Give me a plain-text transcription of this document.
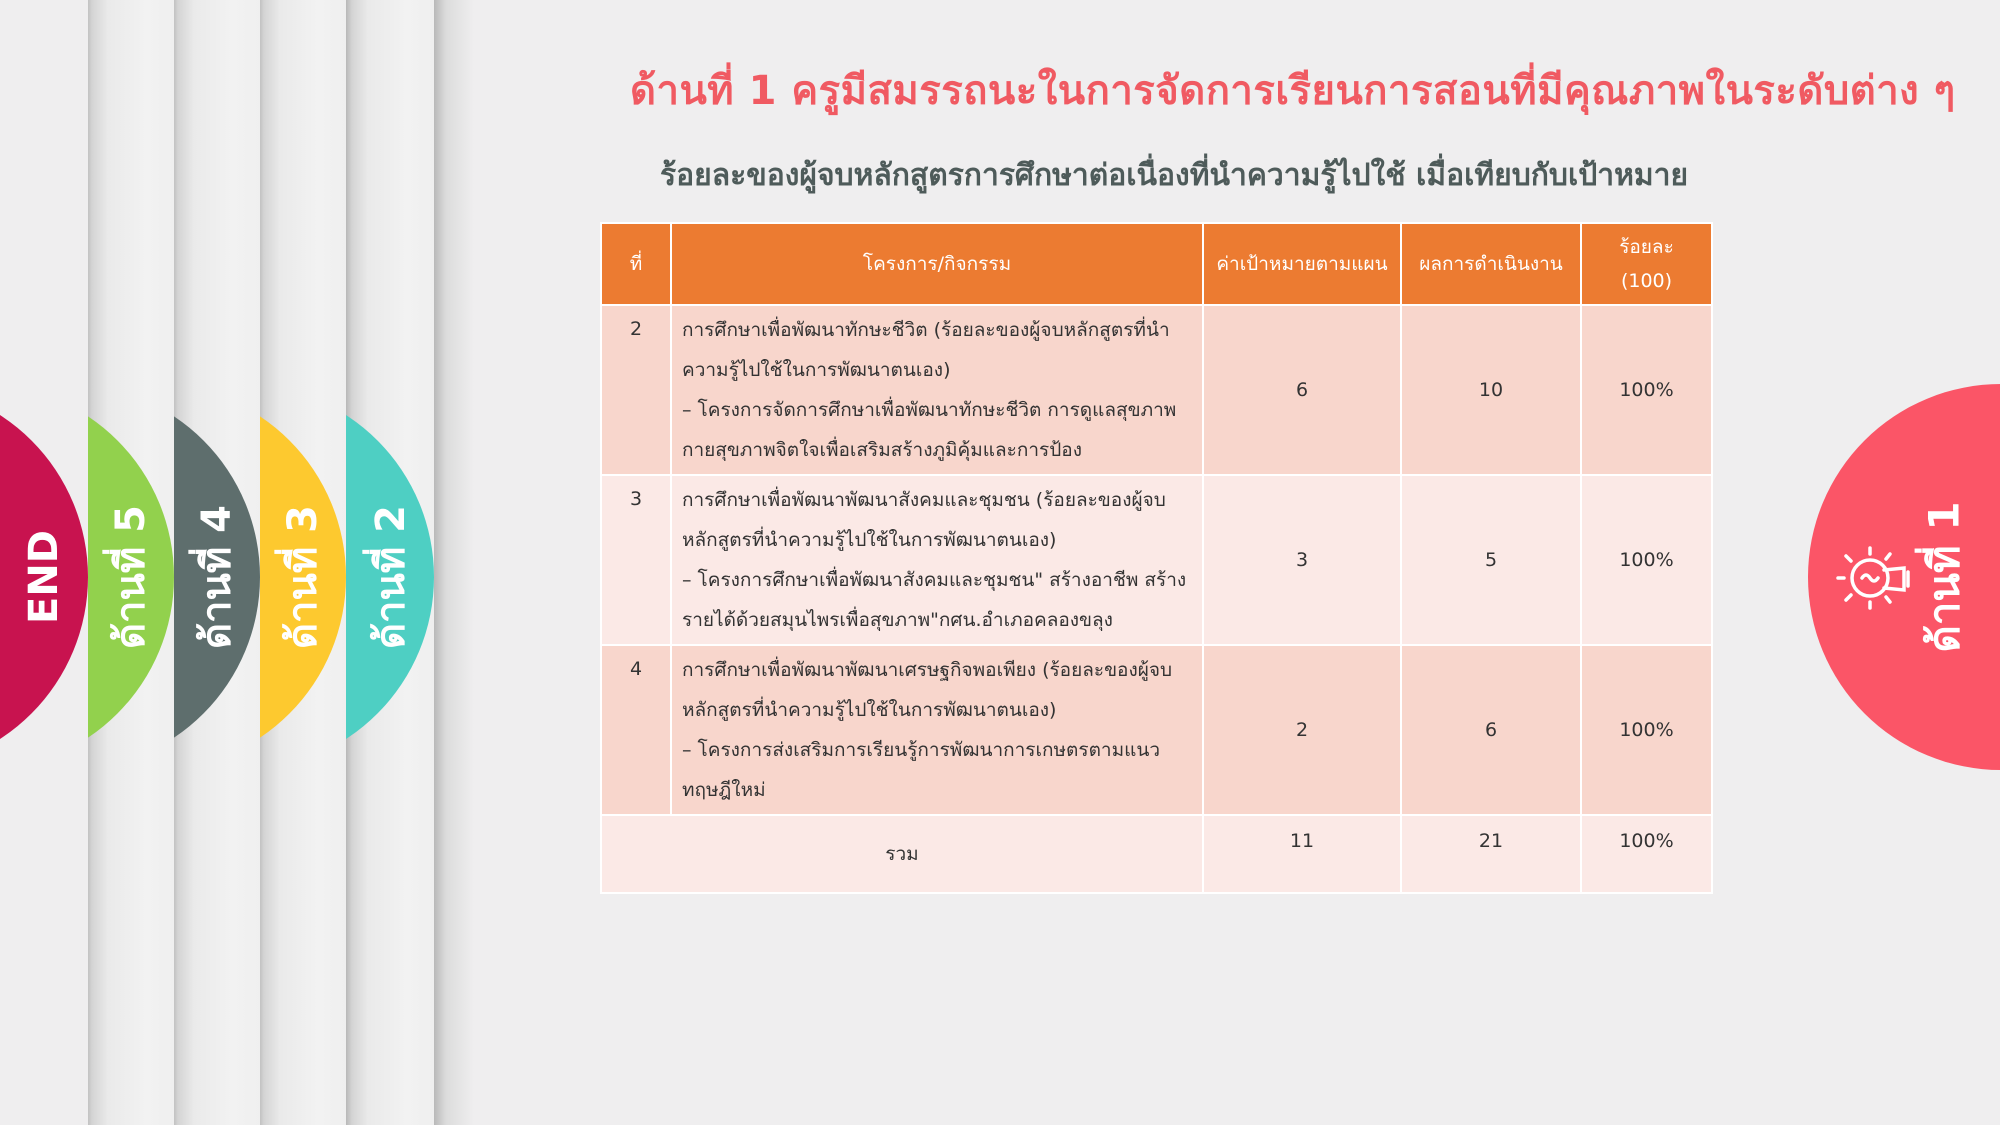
ด้านที่ 2
ด้านที่ 3
ด้านที่ 4
ด้านที่ 5
END	ด้านที่ 1
ด้านที่ 1 ครูมีสมรรถนะในการจัดการเรียนการสอนที่มีคุณภาพในระดับต่าง ๆ
ร้อยละของผู้จบหลักสูตรการศึกษาต่อเนื่องที่นำความรู้ไปใช้ เมื่อเทียบกับเป้าหมาย
ที่	โครงการ/กิจกรรม	ค่าเป้าหมายตามแผน	ผลการดำเนินงาน	ร้อยละ
(100)

2	การศึกษาเพื่อพัฒนาทักษะชีวิต (ร้อยละของผู้จบหลักสูตรที่นำ
ความรู้ไปใช้ในการพัฒนาตนเอง)
– โครงการจัดการศึกษาเพื่อพัฒนาทักษะชีวิต การดูแลสุขภาพ
กายสุขภาพจิตใจเพื่อเสริมสร้างภูมิคุ้มและการป้อง	6	10	100%
3	การศึกษาเพื่อพัฒนาพัฒนาสังคมและชุมชน (ร้อยละของผู้จบ
หลักสูตรที่นำความรู้ไปใช้ในการพัฒนาตนเอง)
– โครงการศึกษาเพื่อพัฒนาสังคมและชุมชน" สร้างอาชีพ สร้าง
รายได้ด้วยสมุนไพรเพื่อสุขภาพ"กศน.อำเภอคลองขลุง	3	5	100%
4	การศึกษาเพื่อพัฒนาพัฒนาเศรษฐกิจพอเพียง (ร้อยละของผู้จบ
หลักสูตรที่นำความรู้ไปใช้ในการพัฒนาตนเอง)
– โครงการส่งเสริมการเรียนรู้การพัฒนาการเกษตรตามแนว
ทฤษฎีใหม่	2	6	100%
รวม		11	21	100%
